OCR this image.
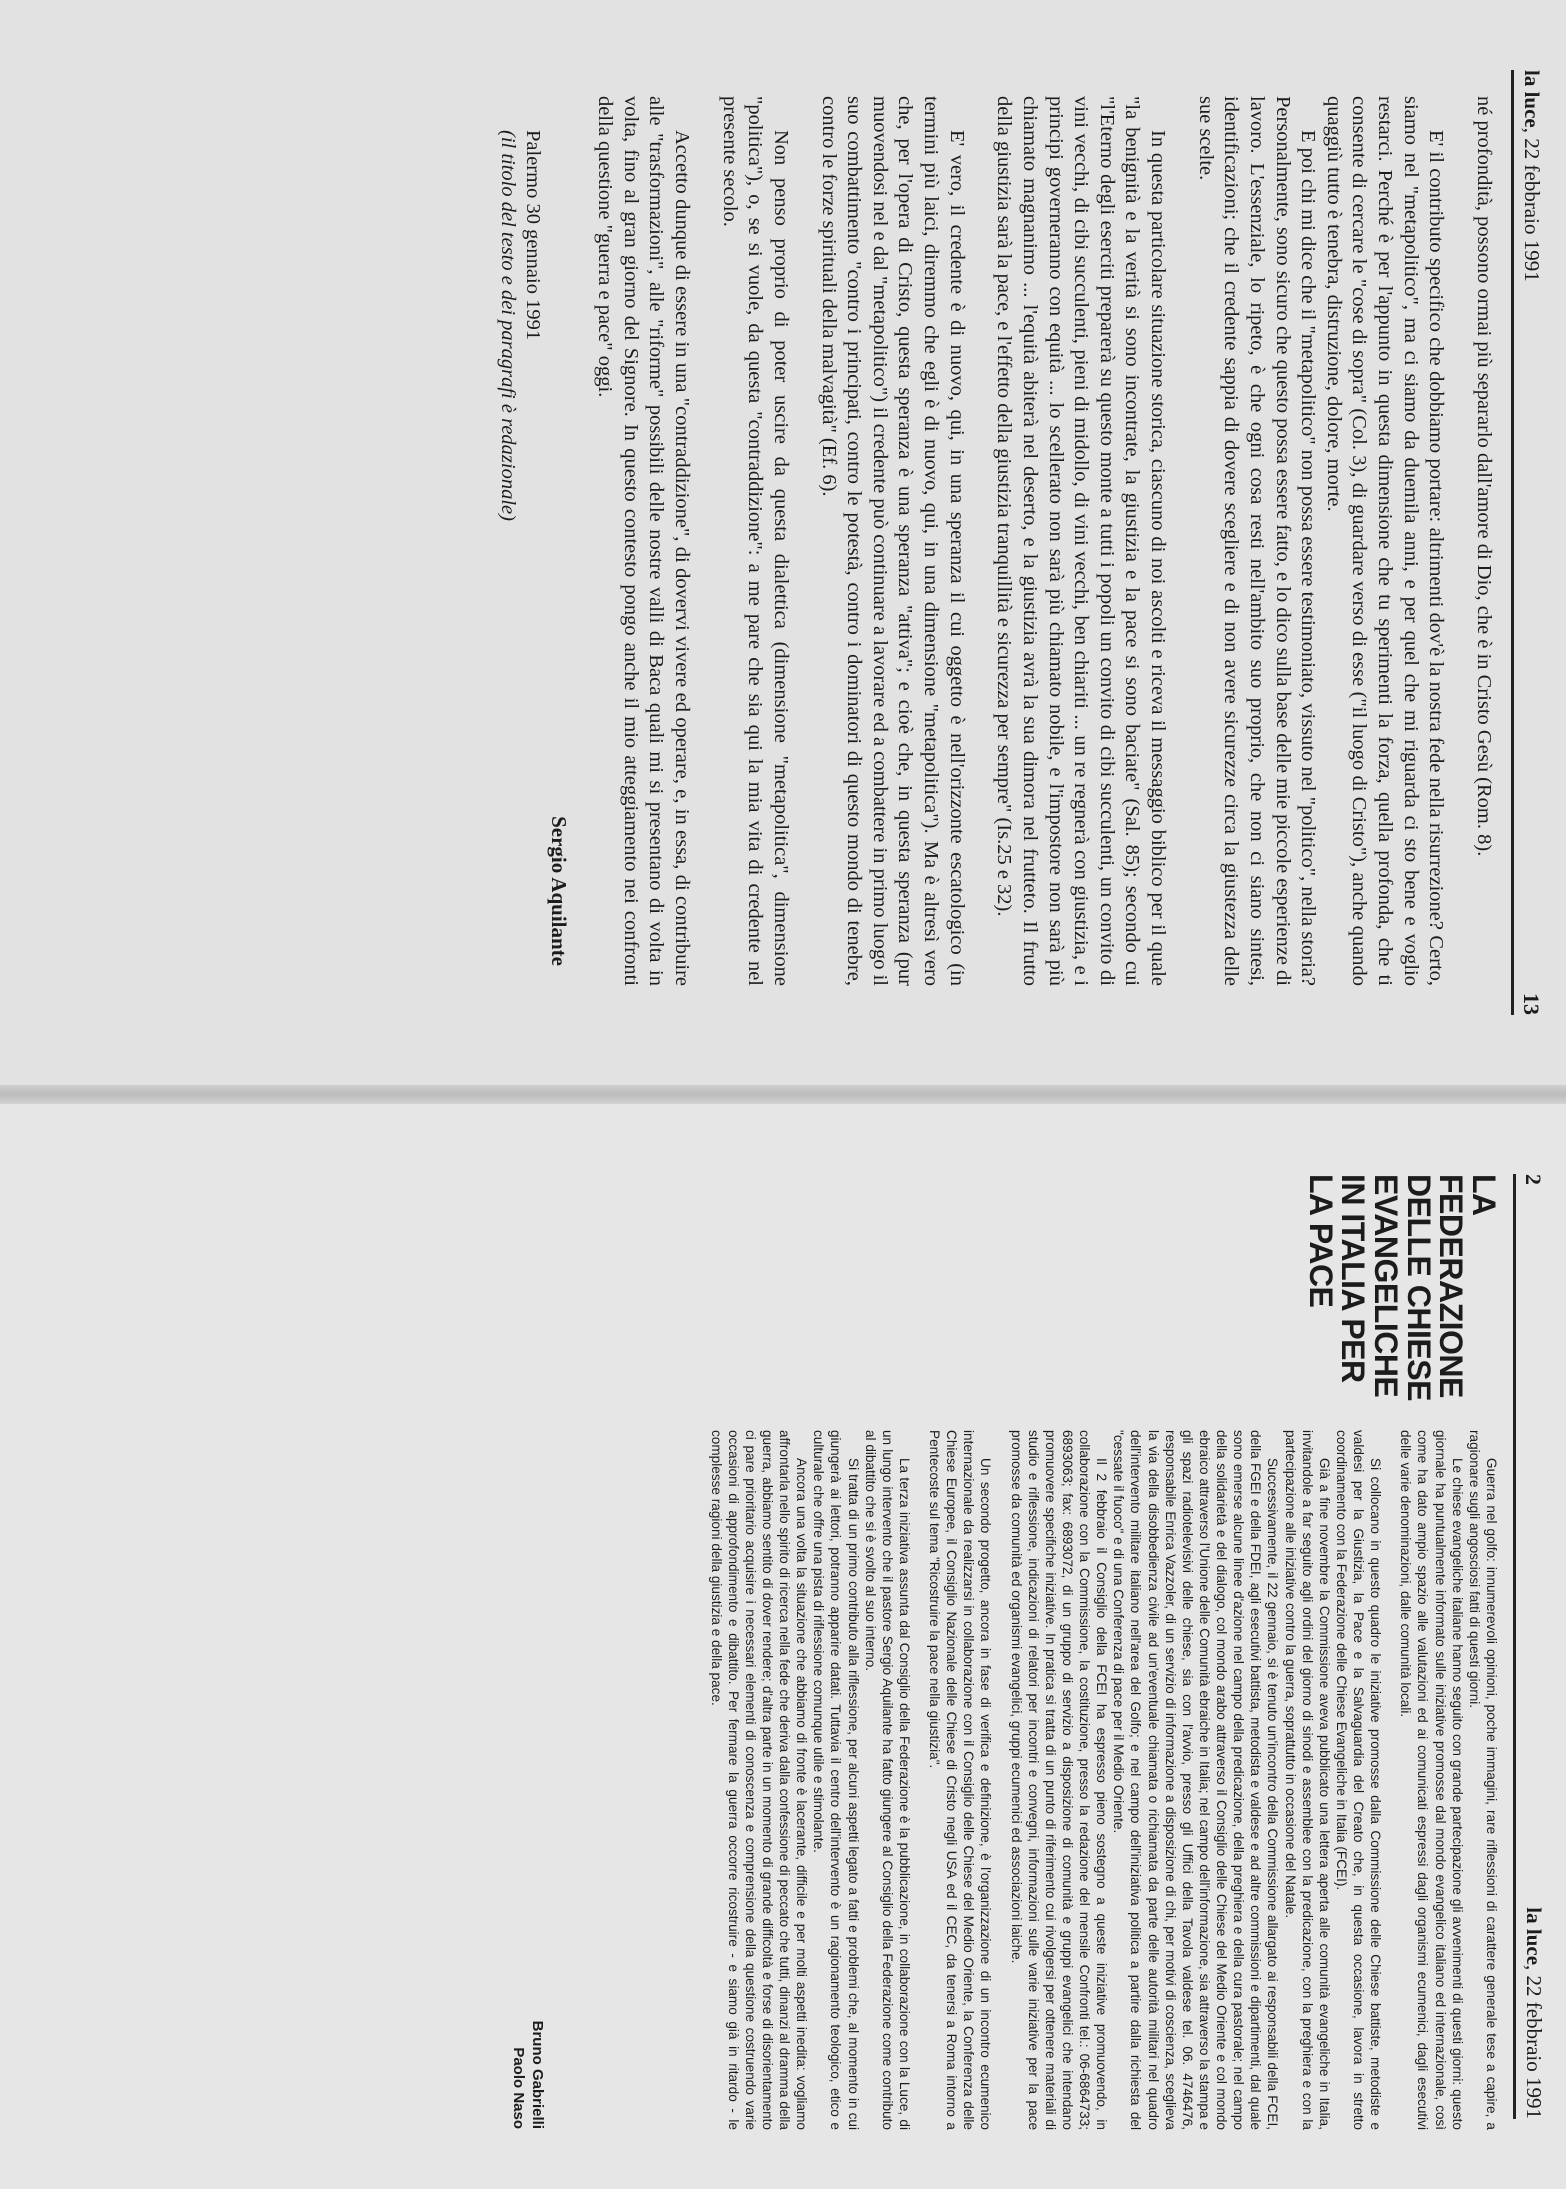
la luce, 22 febbraio 1991
13

né profondità, possono ormai più separarlo dall'amore di Dio, che è in Cristo Gesù (Rom. 8).

E' il contributo specifico che dobbiamo portare: altrimenti dov'è la nostra fede nella risurrezione? Certo, siamo nel "metapolitico", ma ci siamo da duemila anni, e per quel che mi riguarda ci sto bene e voglio restarci. Perché è per l'appunto in questa dimensione che tu sperimenti la forza, quella profonda, che ti consente di cercare le "cose di sopra" (Col. 3), di guardare verso di esse ("il luogo di Cristo"), anche quando quaggiù tutto è tenebra, distruzione, dolore, morte.

E poi chi mi dice che il "metapolitico" non possa essere testimoniato, vissuto nel "politico", nella storia? Personalmente, sono sicuro che questo possa essere fatto, e lo dico sulla base delle mie piccole esperienze di lavoro. L'essenziale, lo ripeto, è che ogni cosa resti nell'ambito suo proprio, che non ci siano sintesi, identificazioni; che il credente sappia di dovere scegliere e di non avere sicurezze circa la giustezza delle sue scelte.

In questa particolare situazione storica, ciascuno di noi ascolti e riceva il messaggio biblico per il quale "la benignità e la verità si sono incontrate, la giustizia e la pace si sono baciate" (Sal. 85); secondo cui "l'Eterno degli eserciti preparerà su questo monte a tutti i popoli un convito di cibi succulenti, un convito di vini vecchi, di cibi succulenti, pieni di midollo, di vini vecchi, ben chiariti ... un re regnerà con giustizia, e i principi governeranno con equità ... lo scellerato non sarà più chiamato nobile, e l'impostore non sarà più chiamato magnanimo ... l'equità abiterà nel deserto, e la giustizia avrà la sua dimora nel frutteto. Il frutto della giustizia sarà la pace, e l'effetto della giustizia tranquillità e sicurezza per sempre" (Is.25 e 32).

E' vero, il credente è di nuovo, qui, in una speranza il cui oggetto è nell'orizzonte escatologico (in termini più laici, diremmo che egli è di nuovo, qui, in una dimensione "metapolitica"). Ma è altresì vero che, per l'opera di Cristo, questa speranza è una speranza "attiva"; e cioè che, in questa speranza (pur muovendosi nel e dal "metapolitico") il credente può continuare a lavorare ed a combattere in primo luogo il suo combattimento "contro i principati, contro le potestà, contro i dominatori di questo mondo di tenebre, contro le forze spirituali della malvagità" (Ef. 6).

Non penso proprio di poter uscire da questa dialettica (dimensione "metapolitica", dimensione "politica"), o, se si vuole, da questa "contraddizione": a me pare che sia qui la mia vita di credente nel presente secolo.

Accetto dunque di essere in una "contraddizione", di dovervi vivere ed operare, e, in essa, di contribuire alle "trasformazioni", alle "riforme" possibili delle nostre valli di Baca quali mi si presentano di volta in volta, fino al gran giorno del Signore. In questo contesto pongo anche il mio atteggiamento nei confronti della questione "guerra e pace" oggi.

Sergio Aquilante

Palermo 30 gennaio 1991

(il titolo del testo e dei paragrafi è redazionale)

2
la luce, 22 febbraio 1991
LA FEDERAZIONE DELLE CHIESE EVANGELICHE IN ITALIA PER LA PACE

Guerra nel golfo: innumerevoli opinioni, poche immagini, rare riflessioni di carattere generale tese a capire, a ragionare sugli angosciosi fatti di questi giorni.

Le chiese evangeliche italiane hanno seguito con grande partecipazione gli avvenimenti di questi giorni: questo giornale ha puntualmente informato sulle iniziative promosse dal mondo evangelico italiano ed internazionale, così come ha dato ampio spazio alle valutazioni ed ai comunicati espressi dagli organismi ecumenici, dagli esecutivi delle varie denominazioni, dalle comunità locali.

Si collocano in questo quadro le iniziative promosse dalla Commissione delle Chiese battiste, metodiste e valdesi per la Giustizia, la Pace e la Salvaguardia del Creato che, in questa occasione, lavora in stretto coordinamento con la Federazione delle Chiese Evangeliche in Italia (FCEI).

Già a fine novembre la Commissione aveva pubblicato una lettera aperta alle comunità evangeliche in Italia, invitandole a far seguito agli ordini del giorno di sinodi e assemblee con la predicazione, con la preghiera e con la partecipazione alle iniziative contro la guerra, soprattutto in occasione del Natale.

Successivamente, il 22 gennaio, si è tenuto un'incontro della Commissione allargato ai responsabili della FCEI, della FGEI e della FDEI, agli esecutivi battista, metodista e valdese e ad altre commissioni e dipartimenti, dal quale sono emerse alcune linee d'azione nel campo della predicazione, della preghiera e della cura pastorale; nel campo della solidarietà e del dialogo, col mondo arabo attraverso il Consiglio delle Chiese del Medio Oriente e col mondo ebraico attraverso l'Unione delle Comunità ebraiche in Italia; nel campo dell'informazione, sia attraverso la stampa e gli spazi radiotelevisivi delle chiese, sia con l'avvio, presso gli Uffici della Tavola valdese tel. 06. 4746476, responsabile Enrica Vazzoler, di un servizio di informazione a disposizione di chi, per motivi di coscienza, sceglieva la via della disobbedienza civile ad un'eventuale chiamata o richiamata da parte delle autorità militari nel quadro dell'intervento militare italiano nell'area del Golfo; e nel campo dell'iniziativa politica a partire dalla richiesta del "cessate il fuoco" e di una Conferenza di pace per il Medio Oriente.

Il 2 febbraio il Consiglio della FCEI ha espresso pieno sostegno a queste iniziative promuovendo, in collaborazione con la Commissione, la costituzione, presso la redazione del mensile Confronti tel.: 06-6864733; 6893063; fax: 6893072, di un gruppo di servizio a disposizione di comunità e gruppi evangelici che intendano promuovere specifiche iniziative. In pratica si tratta di un punto di riferimento cui rivolgersi per ottenere materiali di studio e riflessione, indicazioni di relatori per incontri e convegni, informazioni sulle varie iniziative per la pace promosse da comunità ed organismi evangelici, gruppi ecumenici ed associazioni laiche.

Un secondo progetto, ancora in fase di verifica e definizione, è l'organizzazione di un incontro ecumenico internazionale da realizzarsi in collaborazione con il Consiglio delle Chiese del Medio Oriente, la Conferenza delle Chiese Europee, il Consiglio Nazionale delle Chiese di Cristo negli USA ed il CEC, da tenersi a Roma intorno a Pentecoste sul tema "Ricostruire la pace nella giustizia".

La terza iniziativa assunta dal Consiglio della Federazione è la pubblicazione, in collaborazione con la Luce, di un lungo intervento che il pastore Sergio Aquilante ha fatto giungere al Consiglio della Federazione come contributo al dibattito che si è svolto al suo interno.

Si tratta di un primo contributo alla riflessione, per alcuni aspetti legato a fatti e problemi che, al momento in cui giungerà ai lettori, potranno apparire datati. Tuttavia il centro dell'intervento è un ragionamento teologico, etico e culturale che offre una pista di riflessione comunque utile e stimolante.

Ancora una volta la situazione che abbiamo di fronte è lacerante, difficile e per molti aspetti inedita: vogliamo affrontarla nello spirito di ricerca nella fede che deriva dalla confessione di peccato che tutti, dinanzi al dramma della guerra, abbiamo sentito di dover rendere; d'altra parte in un momento di grande difficoltà e forse di disorientamento ci pare prioritario acquisire i necessari elementi di conoscenza e comprensione della questione costruendo varie occasioni di approfondimento e dibattito. Per fermare la guerra occorre ricostruire - e siamo già in ritardo - le complesse ragioni della giustizia e della pace.

Bruno Gabrielli
Paolo Naso
